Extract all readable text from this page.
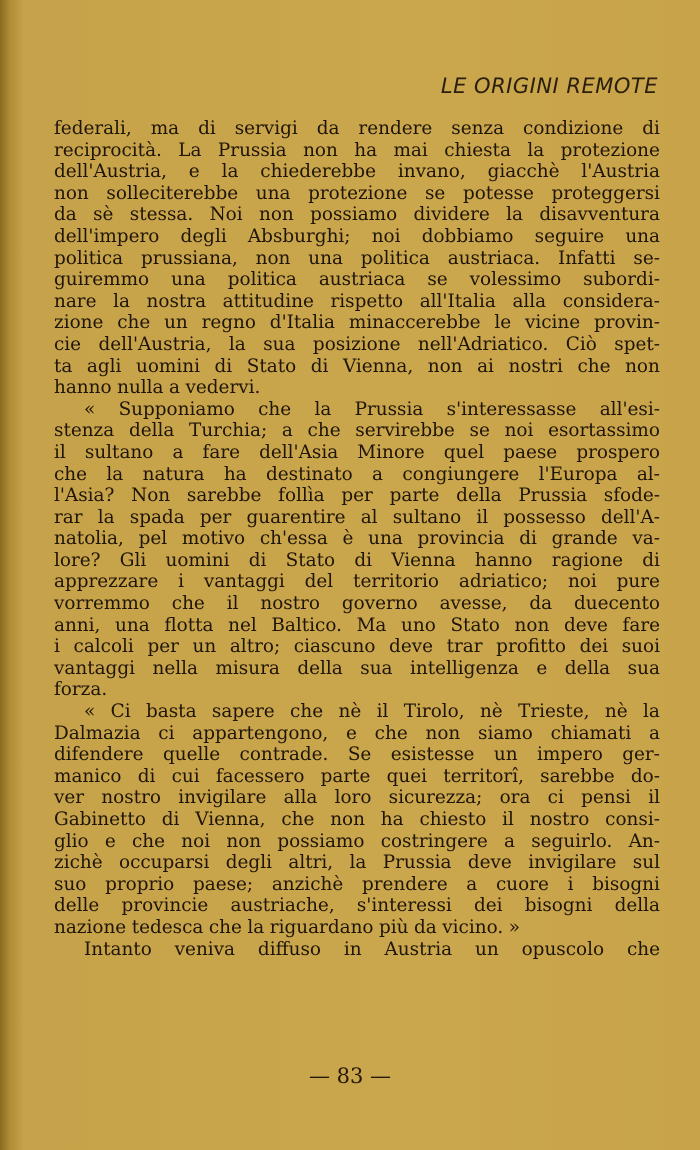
LE ORIGINI REMOTE
federali, ma di servigi da rendere senza condizione di
reciprocità. La Prussia non ha mai chiesta la protezione
dell'Austria, e la chiederebbe invano, giacchè l'Austria
non solleciterebbe una protezione se potesse proteggersi
da sè stessa. Noi non possiamo dividere la disavventura
dell'impero degli Absburghi; noi dobbiamo seguire una
politica prussiana, non una politica austriaca. Infatti se-
guiremmo una politica austriaca se volessimo subordi-
nare la nostra attitudine rispetto all'Italia alla considera-
zione che un regno d'Italia minaccerebbe le vicine provin-
cie dell'Austria, la sua posizione nell'Adriatico. Ciò spet-
ta agli uomini di Stato di Vienna, non ai nostri che non
hanno nulla a vedervi.
« Supponiamo che la Prussia s'interessasse all'esi-
stenza della Turchia; a che servirebbe se noi esortassimo
il sultano a fare dell'Asia Minore quel paese prospero
che la natura ha destinato a congiungere l'Europa al-
l'Asia? Non sarebbe follìa per parte della Prussia sfode-
rar la spada per guarentire al sultano il possesso dell'A-
natolia, pel motivo ch'essa è una provincia di grande va-
lore? Gli uomini di Stato di Vienna hanno ragione di
apprezzare i vantaggi del territorio adriatico; noi pure
vorremmo che il nostro governo avesse, da duecento
anni, una flotta nel Baltico. Ma uno Stato non deve fare
i calcoli per un altro; ciascuno deve trar profitto dei suoi
vantaggi nella misura della sua intelligenza e della sua
forza.
« Ci basta sapere che nè il Tirolo, nè Trieste, nè la
Dalmazia ci appartengono, e che non siamo chiamati a
difendere quelle contrade. Se esistesse un impero ger-
manico di cui facessero parte quei territorî, sarebbe do-
ver nostro invigilare alla loro sicurezza; ora ci pensi il
Gabinetto di Vienna, che non ha chiesto il nostro consi-
glio e che noi non possiamo costringere a seguirlo. An-
zichè occuparsi degli altri, la Prussia deve invigilare sul
suo proprio paese; anzichè prendere a cuore i bisogni
delle provincie austriache, s'interessi dei bisogni della
nazione tedesca che la riguardano più da vicino. »
Intanto veniva diffuso in Austria un opuscolo che
— 83 —
